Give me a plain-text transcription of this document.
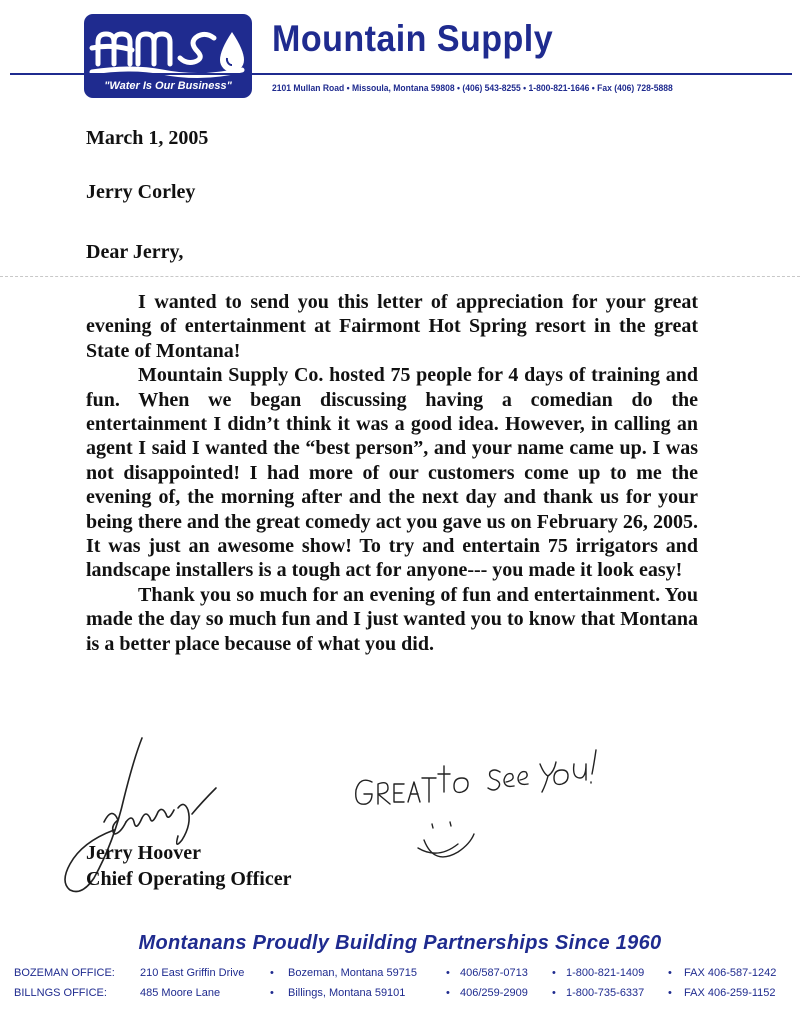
"Water Is Our Business"
Mountain Supply
2101 Mullan Road • Missoula, Montana 59808 • (406) 543-8255 • 1-800-821-1646 • Fax (406) 728-5888
March 1, 2005
Jerry Corley
Dear Jerry,

I wanted to send you this letter of appreciation for your great evening of entertainment at Fairmont Hot Spring resort in the great State of Montana!

Mountain Supply Co. hosted 75 people for 4 days of training and fun. When we began discussing having a comedian do the entertainment I didn’t think it was a good idea. However, in calling an agent I said I wanted the “best person”, and your name came up. I was not disappointed! I had more of our customers come up to me the evening of, the morning after and the next day and thank us for your being there and the great comedy act you gave us on February 26, 2005. It was just an awesome show! To try and entertain 75 irrigators and landscape installers is a tough act for anyone--- you made it look easy!

Thank you so much for an evening of fun and entertainment. You made the day so much fun and I just wanted you to know that Montana is a better place because of what you did.

Jerry Hoover
Chief Operating Officer
Montanans Proudly Building Partnerships Since 1960
BOZEMAN OFFICE: 210 East Griffin Drive •	Bozeman, Montana 59715 •	406/587-0713 •	1-800-821-1409 •	FAX 406-587-1242
BILLNGS OFFICE:	485 Moore Lane •	Billings, Montana 59101 •	406/259-2909 •	1-800-735-6337 •	FAX 406-259-1152
